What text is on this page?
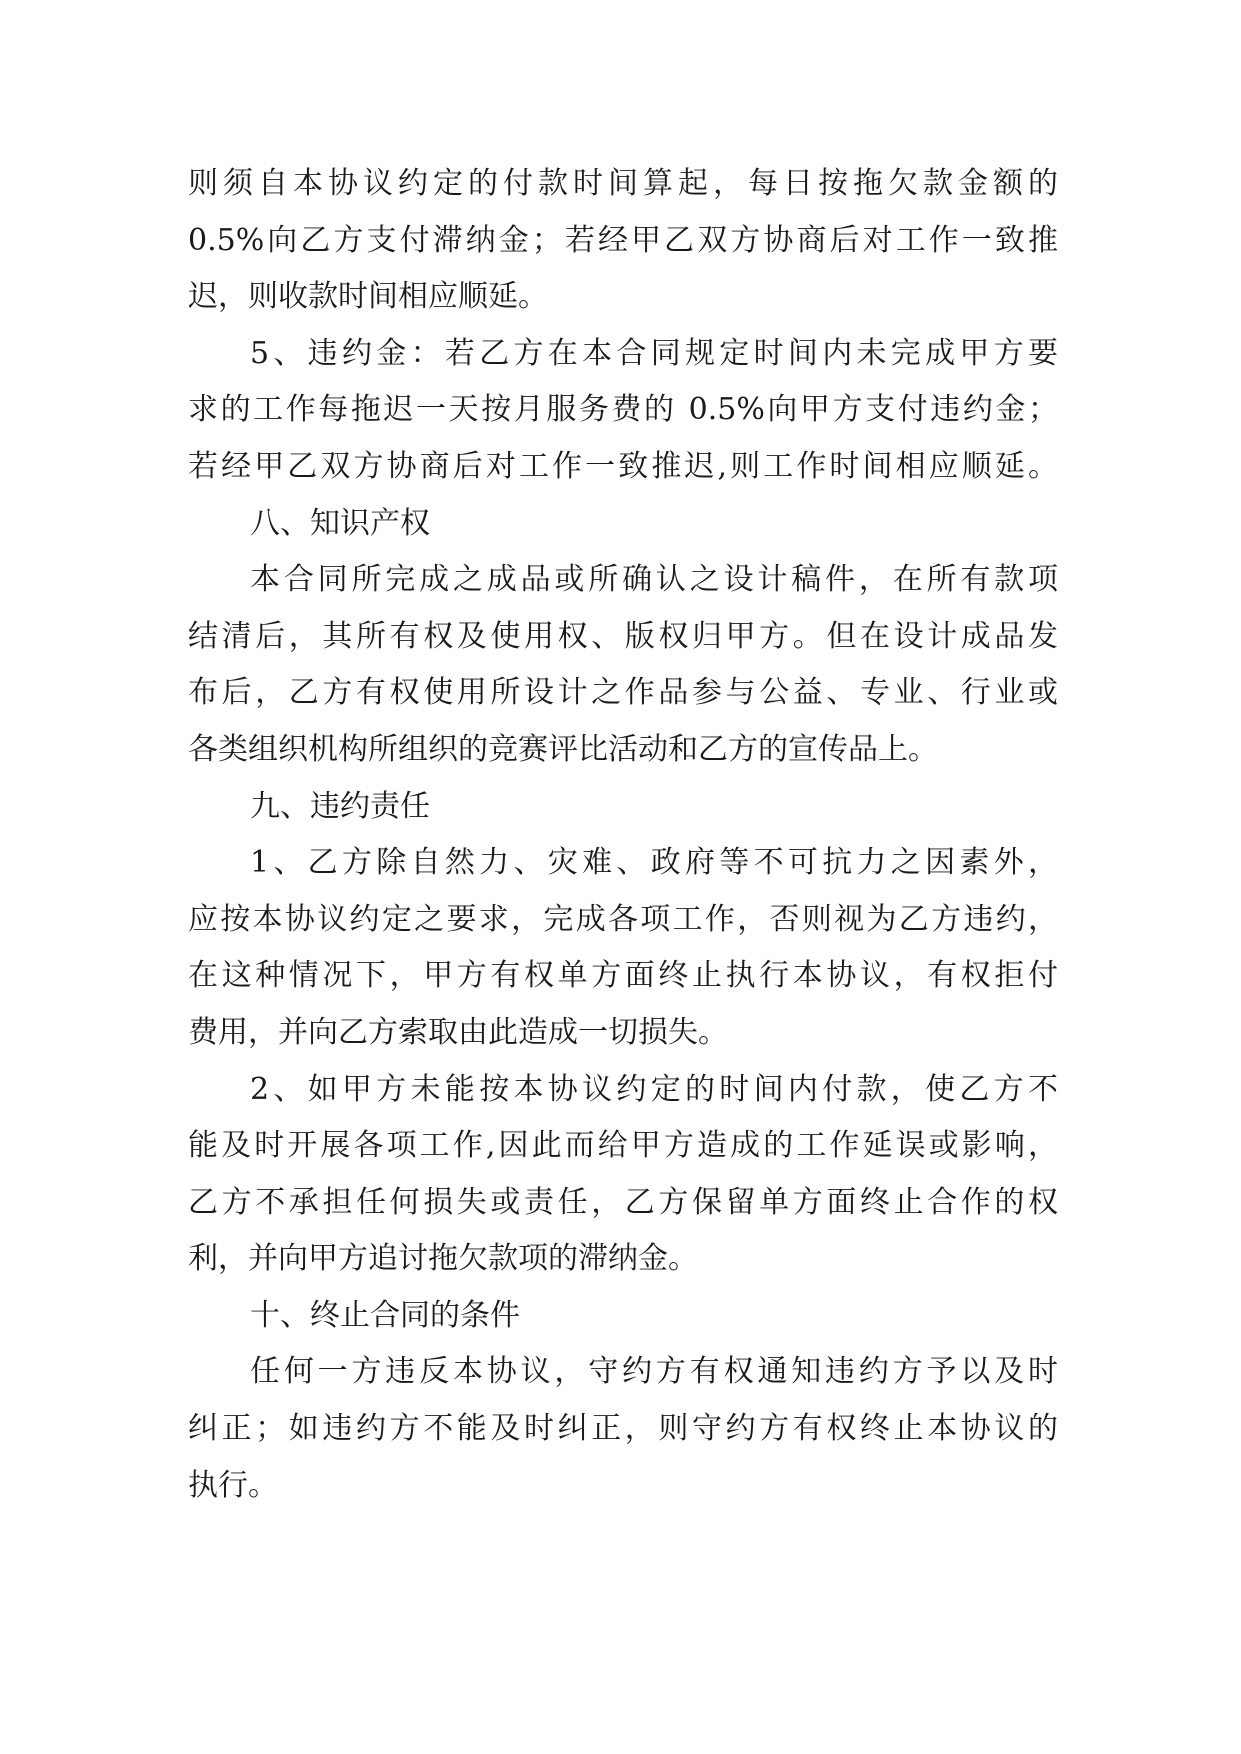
则须自本协议约定的付款时间算起，每日按拖欠款金额的
0.5%向乙方支付滞纳金；若经甲乙双方协商后对工作一致推
迟，则收款时间相应顺延。
5、违约金：若乙方在本合同规定时间内未完成甲方要
求的工作每拖迟一天按月服务费的 0.5%向甲方支付违约金；
若经甲乙双方协商后对工作一致推迟,则工作时间相应顺延。
八、知识产权
本合同所完成之成品或所确认之设计稿件，在所有款项
结清后，其所有权及使用权、版权归甲方。但在设计成品发
布后，乙方有权使用所设计之作品参与公益、专业、行业或
各类组织机构所组织的竞赛评比活动和乙方的宣传品上。
九、违约责任
1、乙方除自然力、灾难、政府等不可抗力之因素外，
应按本协议约定之要求，完成各项工作，否则视为乙方违约，
在这种情况下，甲方有权单方面终止执行本协议，有权拒付
费用，并向乙方索取由此造成一切损失。
2、如甲方未能按本协议约定的时间内付款，使乙方不
能及时开展各项工作,因此而给甲方造成的工作延误或影响，
乙方不承担任何损失或责任，乙方保留单方面终止合作的权
利，并向甲方追讨拖欠款项的滞纳金。
十、终止合同的条件
任何一方违反本协议，守约方有权通知违约方予以及时
纠正；如违约方不能及时纠正，则守约方有权终止本协议的
执行。
